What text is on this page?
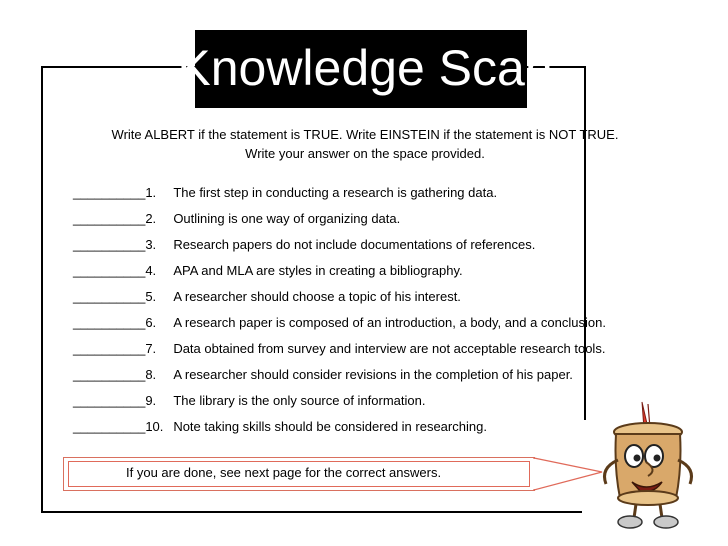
Knowledge Scan
Write ALBERT if the statement is TRUE. Write EINSTEIN if the statement is NOT TRUE.
Write your answer on the space provided.
__________ 1.	The first step in conducting a research is gathering data.
__________ 2.	Outlining is one way of organizing data.
__________ 3.	Research papers do not include documentations of references.
__________ 4.	APA and MLA are styles in creating a bibliography.
__________ 5.	A researcher should choose a topic of his interest.
__________ 6.	A research paper is composed of an introduction, a body, and a conclusion.
__________ 7.	Data obtained from survey and interview are not acceptable research tools.
__________ 8.	A researcher should consider revisions in the completion of his paper.
__________ 9.	The library is the only source of information.
__________ 10. Note taking skills should be considered in researching.
If you are done, see next page for the correct answers.
